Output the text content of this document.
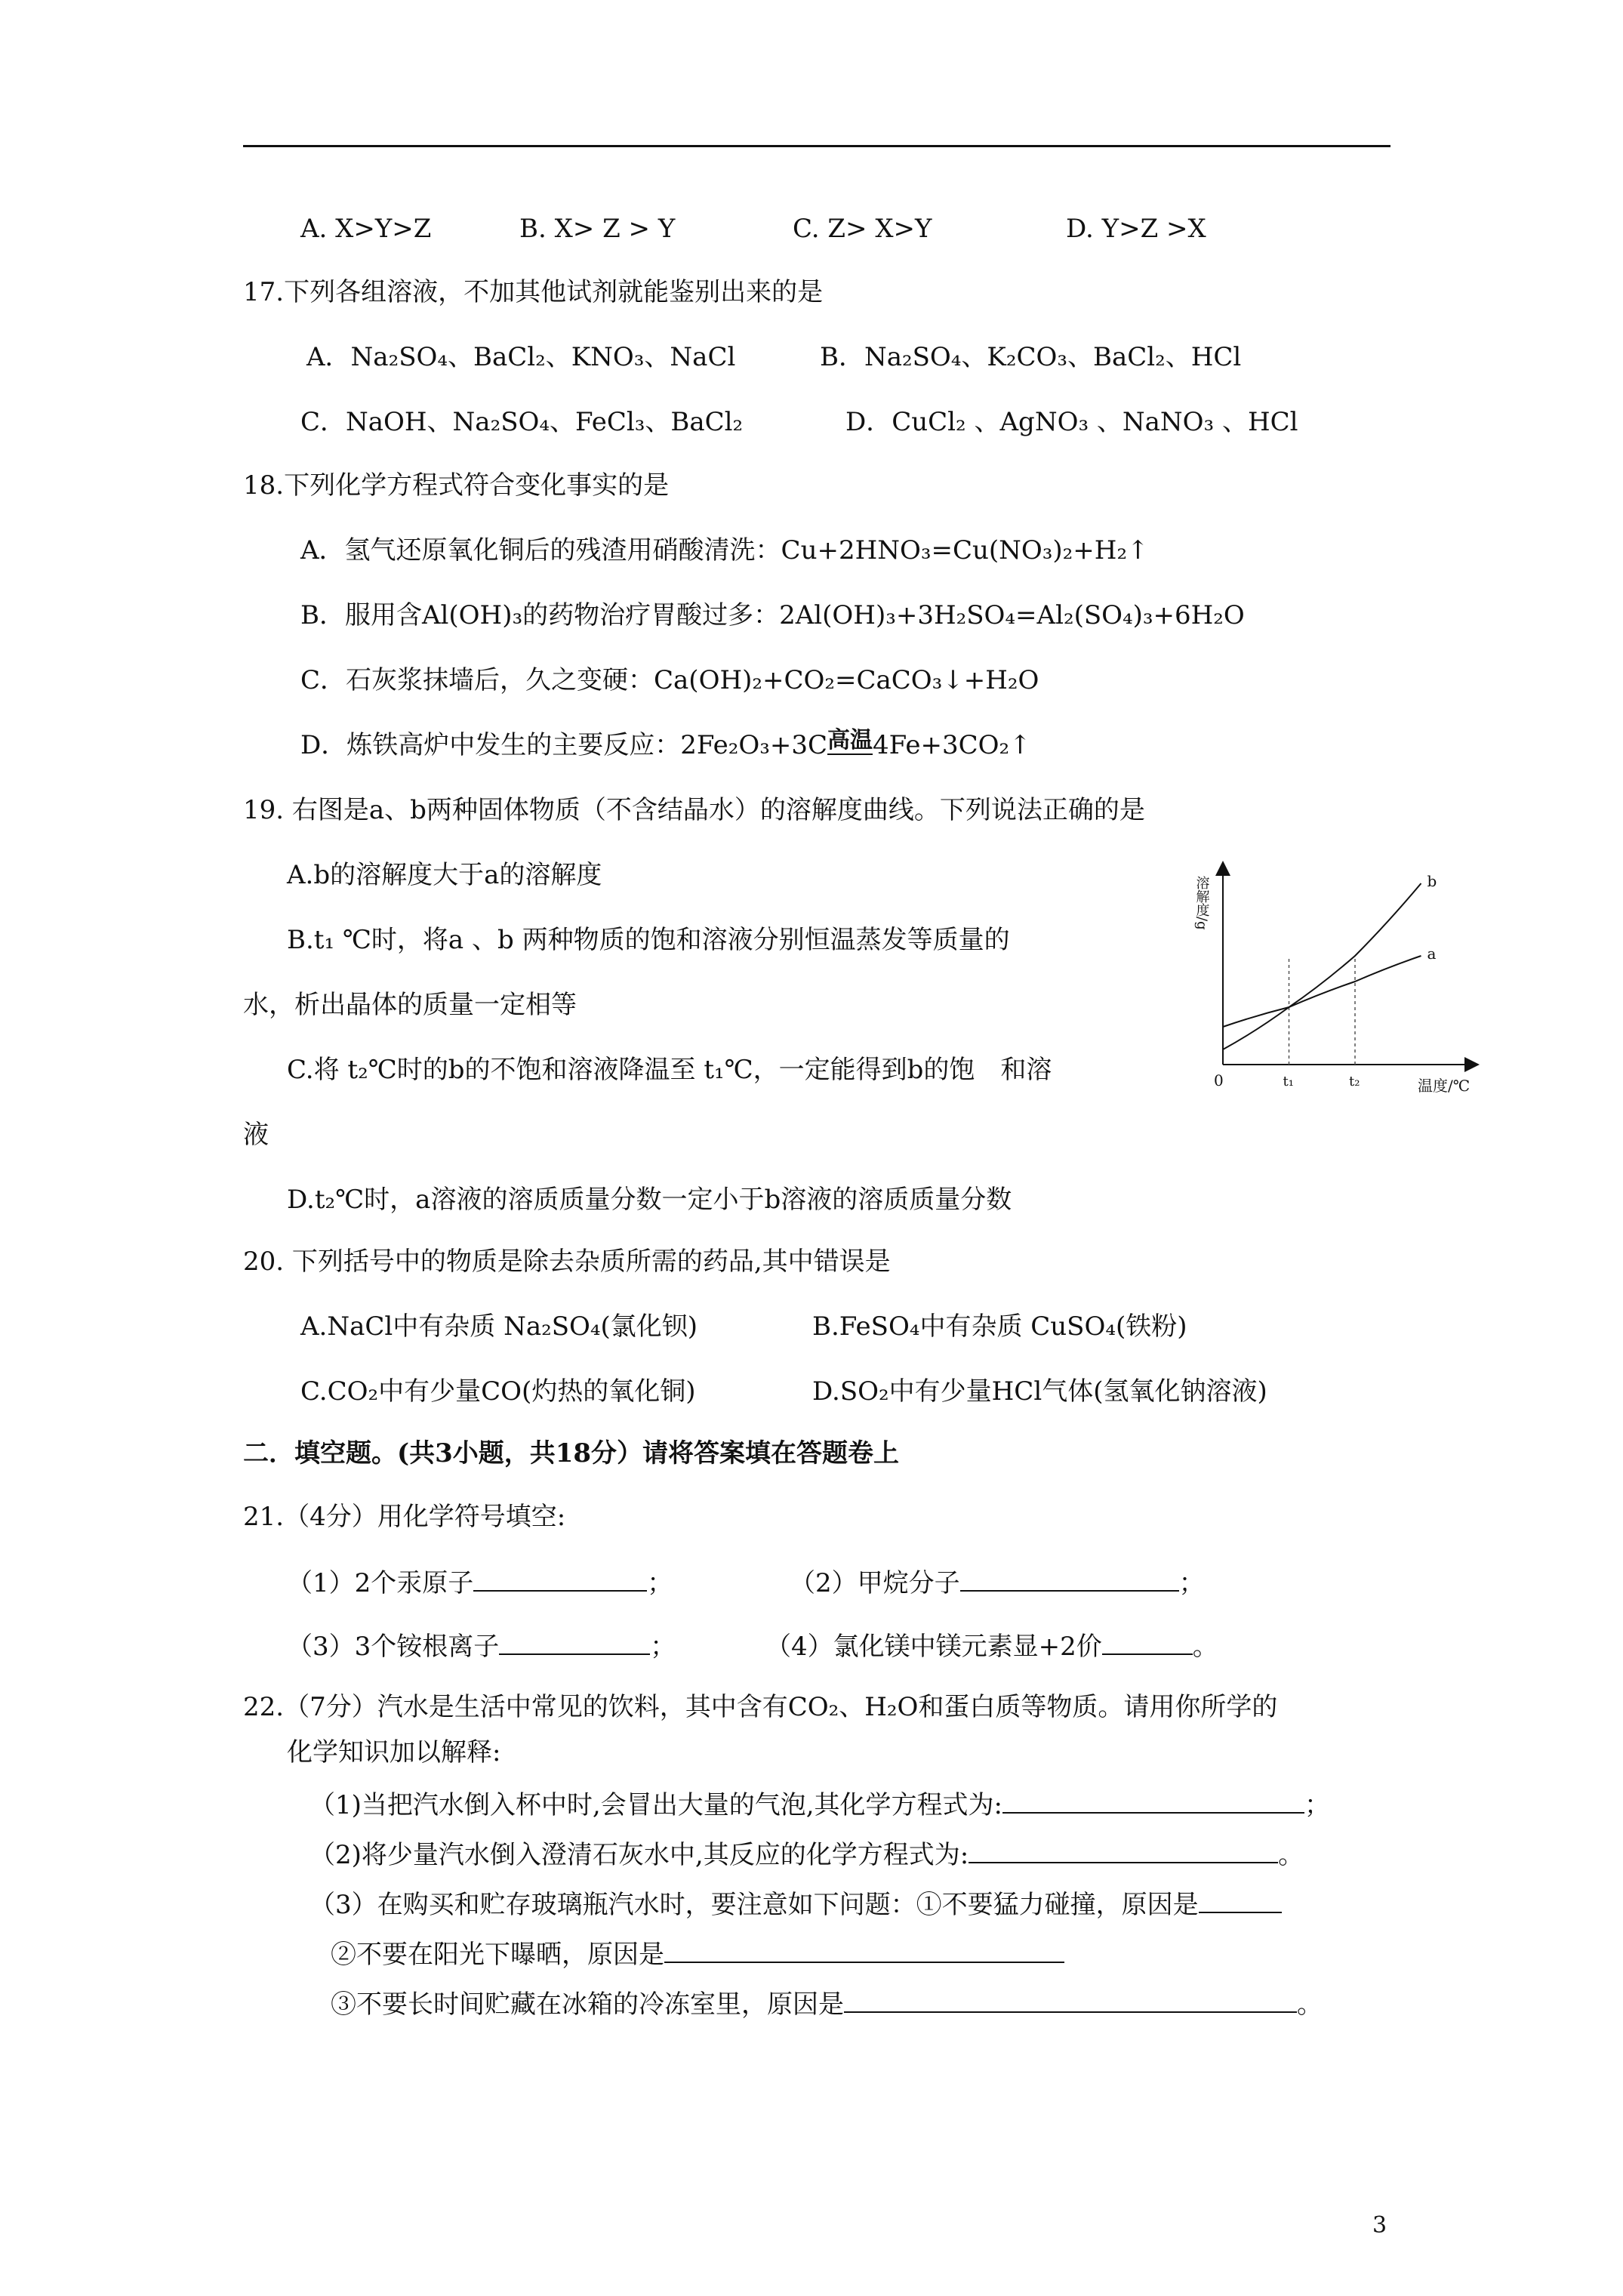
A. X>Y>Z	B. X> Z > Y	C. Z> X>Y	D. Y>Z >X
17.下列各组溶液，不加其他试剂就能鉴别出来的是
A．Na₂SO₄、BaCl₂、KNO₃、NaCl	B．Na₂SO₄、K₂CO₃、BaCl₂、HCl
C．NaOH、Na₂SO₄、FeCl₃、BaCl₂	D．CuCl₂ 、AgNO₃ 、NaNO₃ 、HCl
18.下列化学方程式符合变化事实的是
A．氢气还原氧化铜后的残渣用硝酸清洗：Cu+2HNO₃=Cu(NO₃)₂+H₂↑
B．服用含Al(OH)₃的药物治疗胃酸过多：2Al(OH)₃+3H₂SO₄=Al₂(SO₄)₃+6H₂O
C．石灰浆抹墙后，久之变硬：Ca(OH)₂+CO₂=CaCO₃↓+H₂O
D．炼铁高炉中发生的主要反应：2Fe₂O₃+3C高温
4Fe+3CO₂↑
19. 右图是a、b两种固体物质（不含结晶水）的溶解度曲线。下列说法正确的是
A.b的溶解度大于a的溶解度
B.t₁ ℃时，将a 、b 两种物质的饱和溶液分别恒温蒸发等质量的
水，析出晶体的质量一定相等
C.将 t₂℃时的b的不饱和溶液降温至 t₁℃，一定能得到b的饱　和溶
液
D.t₂℃时，a溶液的溶质质量分数一定小于b溶液的溶质质量分数
溶解度/g
温度/℃
0	t₁	t₂
a
b
20. 下列括号中的物质是除去杂质所需的药品,其中错误是
A.NaCl中有杂质 Na₂SO₄(氯化钡)	B.FeSO₄中有杂质 CuSO₄(铁粉)
C.CO₂中有少量CO(灼热的氧化铜)	D.SO₂中有少量HCl气体(氢氧化钠溶液)
二．填空题。(共3小题，共18分）请将答案填在答题卷上
21.（4分）用化学符号填空:
（1）2个汞原子	；	（2）甲烷分子	；
（3）3个铵根离子	；	（4）氯化镁中镁元素显+2价	。
22.（7分）汽水是生活中常见的饮料，其中含有CO₂、H₂O和蛋白质等物质。请用你所学的
化学知识加以解释:
（1)当把汽水倒入杯中时,会冒出大量的气泡,其化学方程式为:	；
（2)将少量汽水倒入澄清石灰水中,其反应的化学方程式为:	。
（3）在购买和贮存玻璃瓶汽水时，要注意如下问题：①不要猛力碰撞，原因是
②不要在阳光下曝晒，原因是
③不要长时间贮藏在冰箱的冷冻室里，原因是	。
3
